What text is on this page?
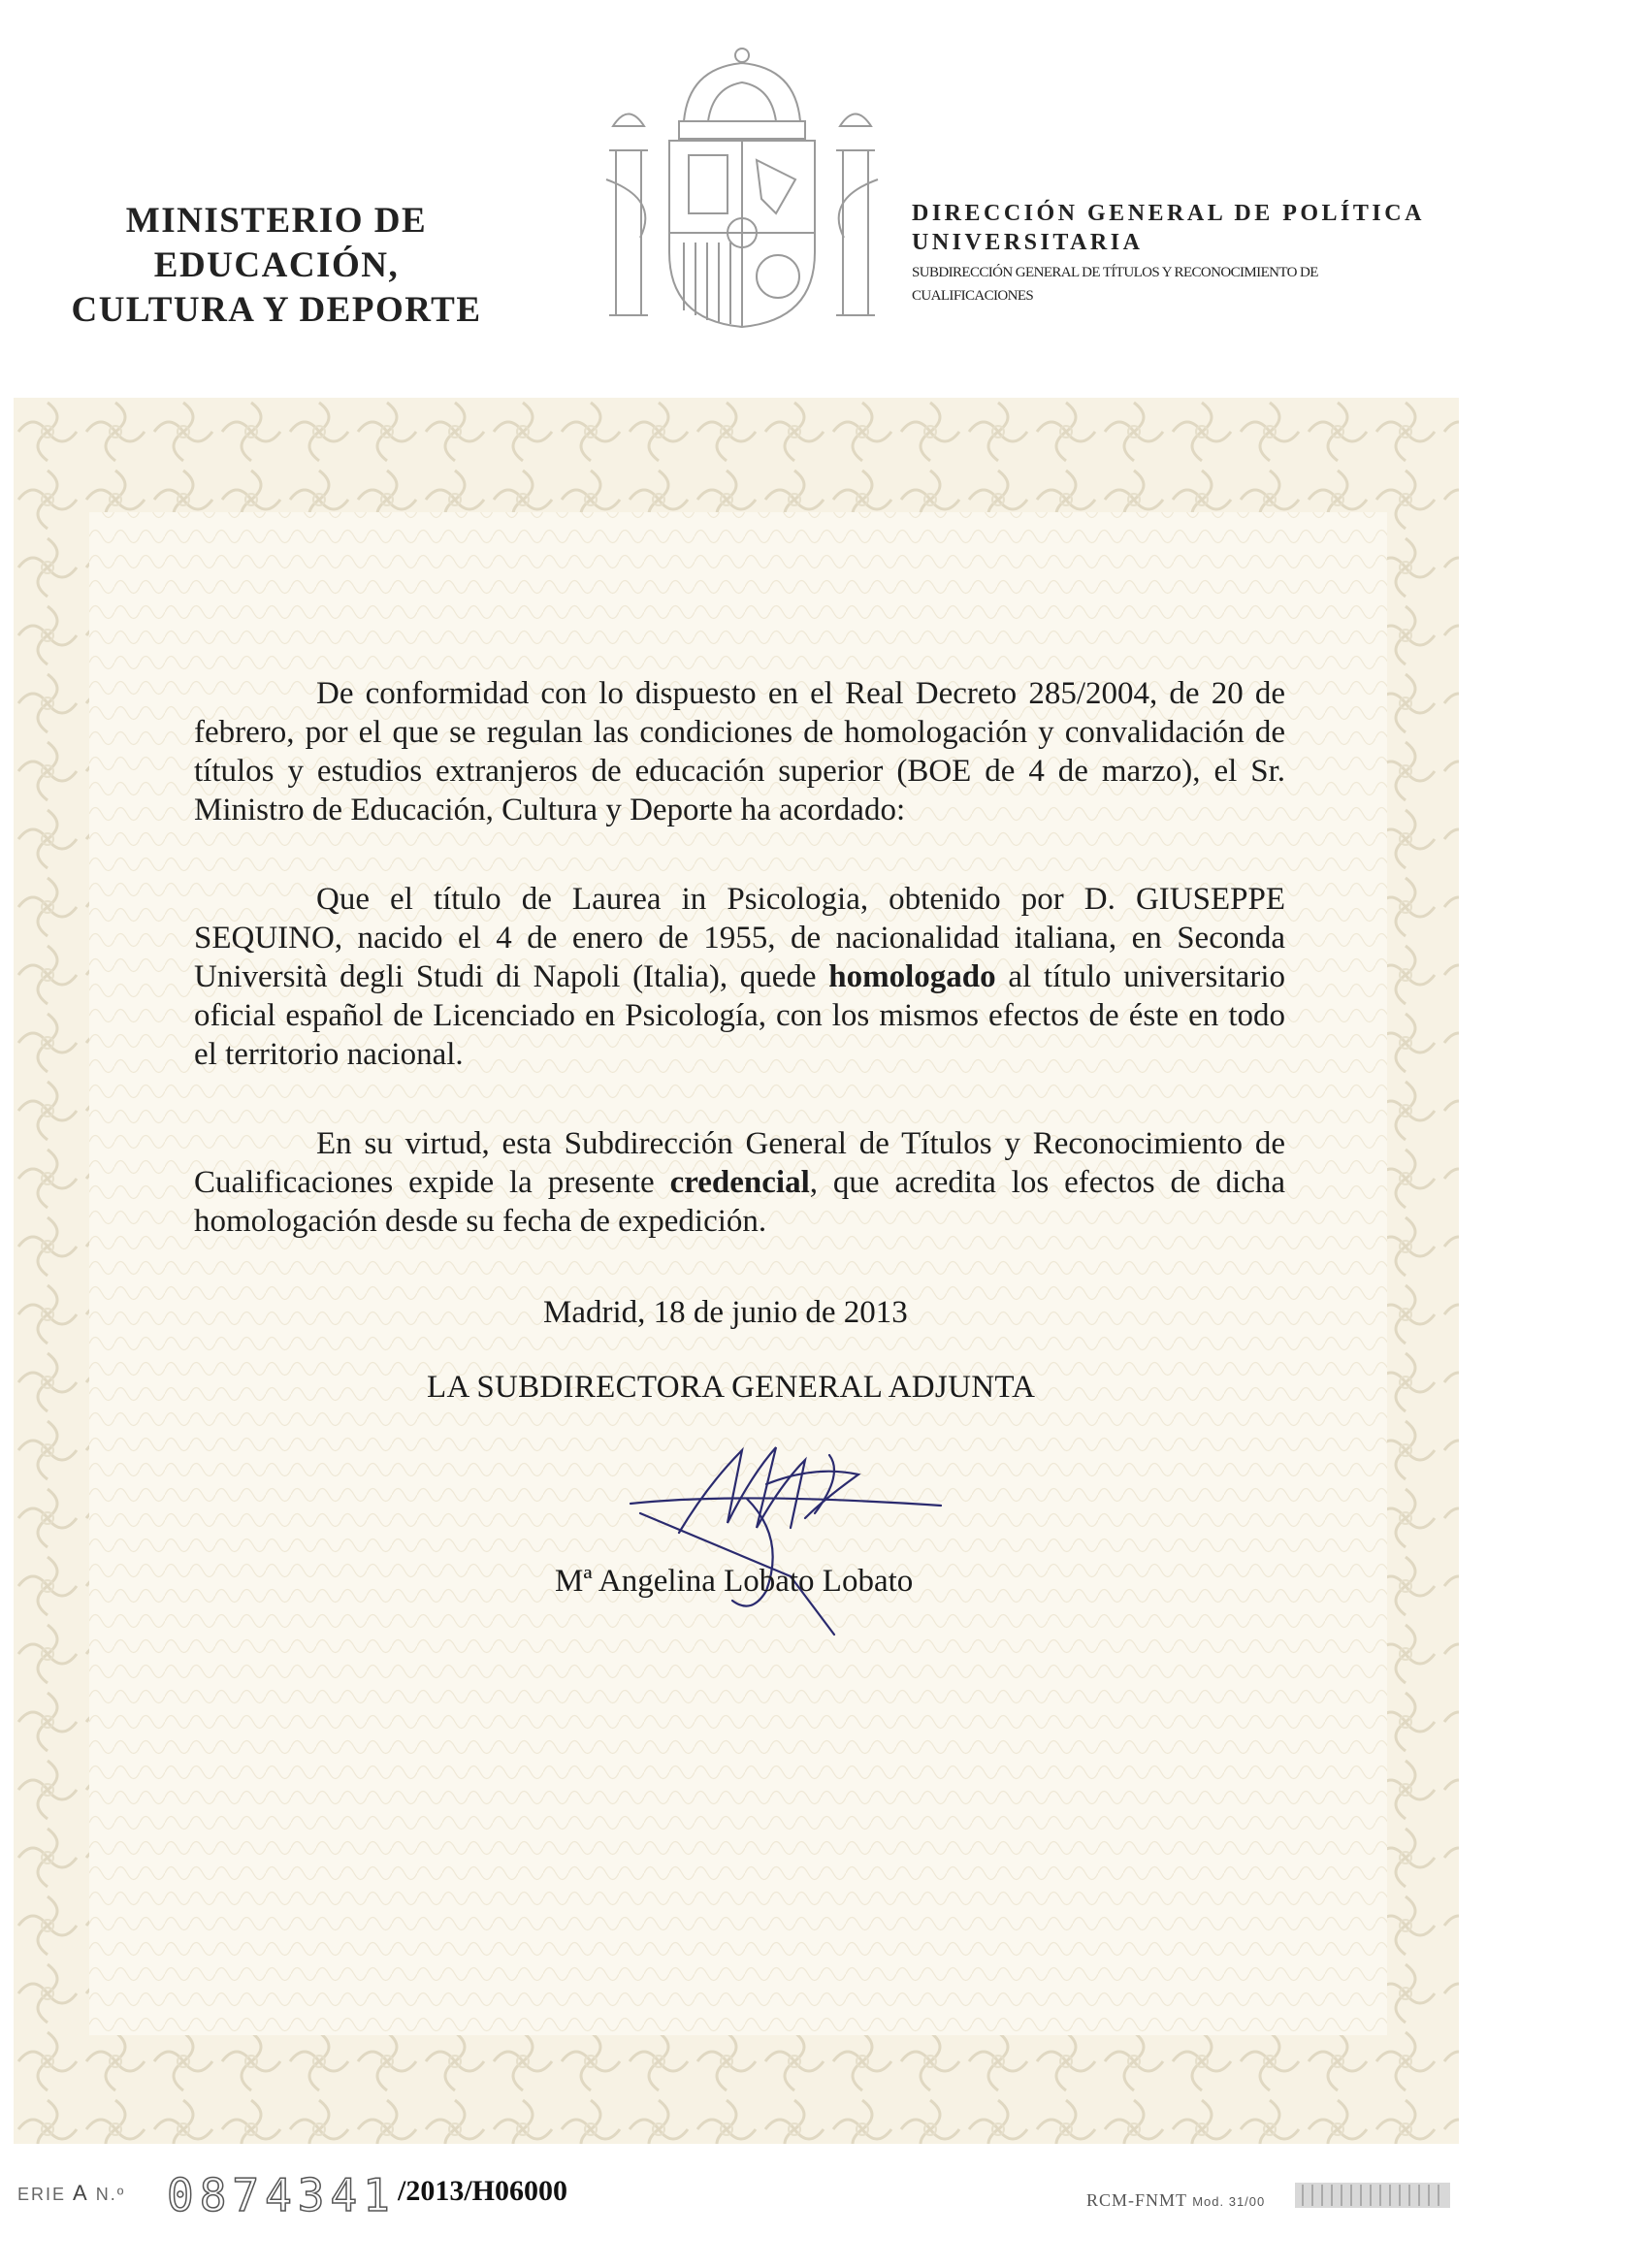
MINISTERIO DE EDUCACIÓN,
CULTURA Y DEPORTE
DIRECCIÓN GENERAL DE POLÍTICA
UNIVERSITARIA
SUBDIRECCIÓN GENERAL DE TÍTULOS Y RECONOCIMIENTO DE CUALIFICACIONES

De conformidad con lo dispuesto en el Real Decreto 285/2004, de 20 de febrero, por el que se regulan las condiciones de homologación y convalidación de títulos y estudios extranjeros de educación superior (BOE de 4 de marzo), el Sr. Ministro de Educación, Cultura y Deporte ha acordado:

Que el título de Laurea in Psicologia, obtenido por D. GIUSEPPE SEQUINO, nacido el 4 de enero de 1955, de nacionalidad italiana, en Seconda Università degli Studi di Napoli (Italia), quede homologado al título universitario oficial español de Licenciado en Psicología, con los mismos efectos de éste en todo el territorio nacional.

En su virtud, esta Subdirección General de Títulos y Reconocimiento de Cualificaciones expide la presente credencial, que acredita los efectos de dicha homologación desde su fecha de expedición.

Madrid, 18 de junio de 2013
LA SUBDIRECTORA GENERAL ADJUNTA
Mª Angelina Lobato Lobato
ERIE A N.º 0874341 /2013/H06000	RCM-FNMT Mod. 31/00
